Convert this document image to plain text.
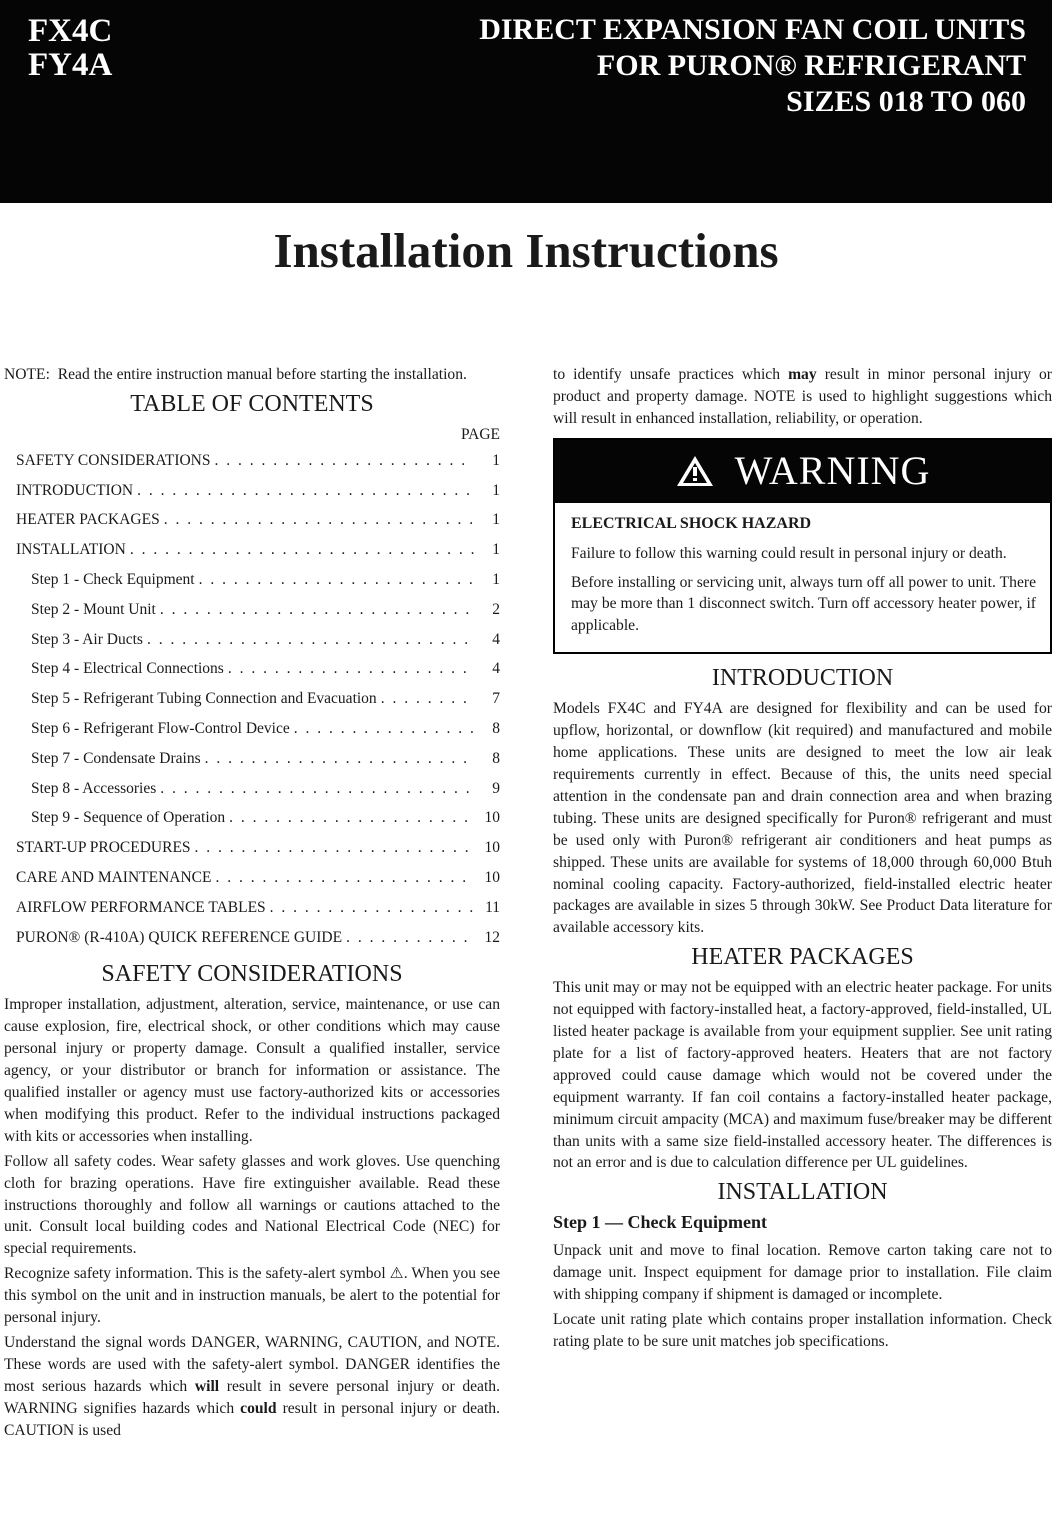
FX4C
FY4A
DIRECT EXPANSION FAN COIL UNITS
FOR PURON® REFRIGERANT
SIZES 018 TO 060
Installation Instructions

NOTE: Read the entire instruction manual before starting the installation.

TABLE OF CONTENTS
PAGE
SAFETY CONSIDERATIONS . . .	1
INTRODUCTION . . .	1
HEATER PACKAGES . . .	1
INSTALLATION . . .	1
Step 1 - Check Equipment . . .	1
Step 2 - Mount Unit . . .	2
Step 3 - Air Ducts . . .	4
Step 4 - Electrical Connections . . .	4
Step 5 - Refrigerant Tubing Connection and Evacuation . . .	7
Step 6 - Refrigerant Flow-Control Device . . .	8
Step 7 - Condensate Drains . . .	8
Step 8 - Accessories . . .	9
Step 9 - Sequence of Operation . . .	10
START-UP PROCEDURES . . .	10
CARE AND MAINTENANCE . . .	10
AIRFLOW PERFORMANCE TABLES . . .	11
PURON® (R-410A) QUICK REFERENCE GUIDE . . .	12
SAFETY CONSIDERATIONS

Improper installation, adjustment, alteration, service, maintenance, or use can cause explosion, fire, electrical shock, or other conditions which may cause personal injury or property damage. Consult a qualified installer, service agency, or your distributor or branch for information or assistance. The qualified installer or agency must use factory-authorized kits or accessories when modifying this product. Refer to the individual instructions packaged with kits or accessories when installing.

Follow all safety codes. Wear safety glasses and work gloves. Use quenching cloth for brazing operations. Have fire extinguisher available. Read these instructions thoroughly and follow all warnings or cautions attached to the unit. Consult local building codes and National Electrical Code (NEC) for special requirements.

Recognize safety information. This is the safety-alert symbol ⚠. When you see this symbol on the unit and in instruction manuals, be alert to the potential for personal injury.

Understand the signal words DANGER, WARNING, CAUTION, and NOTE. These words are used with the safety-alert symbol. DANGER identifies the most serious hazards which will result in severe personal injury or death. WARNING signifies hazards which could result in personal injury or death. CAUTION is used

to identify unsafe practices which may result in minor personal injury or product and property damage. NOTE is used to highlight suggestions which will result in enhanced installation, reliability, or operation.

WARNING
ELECTRICAL SHOCK HAZARD

Failure to follow this warning could result in personal injury or death.

Before installing or servicing unit, always turn off all power to unit. There may be more than 1 disconnect switch. Turn off accessory heater power, if applicable.

INTRODUCTION

Models FX4C and FY4A are designed for flexibility and can be used for upflow, horizontal, or downflow (kit required) and manufactured and mobile home applications. These units are designed to meet the low air leak requirements currently in effect. Because of this, the units need special attention in the condensate pan and drain connection area and when brazing tubing. These units are designed specifically for Puron® refrigerant and must be used only with Puron® refrigerant air conditioners and heat pumps as shipped. These units are available for systems of 18,000 through 60,000 Btuh nominal cooling capacity. Factory-authorized, field-installed electric heater packages are available in sizes 5 through 30kW. See Product Data literature for available accessory kits.

HEATER PACKAGES

This unit may or may not be equipped with an electric heater package. For units not equipped with factory-installed heat, a factory-approved, field-installed, UL listed heater package is available from your equipment supplier. See unit rating plate for a list of factory-approved heaters. Heaters that are not factory approved could cause damage which would not be covered under the equipment warranty. If fan coil contains a factory-installed heater package, minimum circuit ampacity (MCA) and maximum fuse/breaker may be different than units with a same size field-installed accessory heater. The differences is not an error and is due to calculation difference per UL guidelines.

INSTALLATION
Step 1 — Check Equipment

Unpack unit and move to final location. Remove carton taking care not to damage unit. Inspect equipment for damage prior to installation. File claim with shipping company if shipment is damaged or incomplete.

Locate unit rating plate which contains proper installation information. Check rating plate to be sure unit matches job specifications.
